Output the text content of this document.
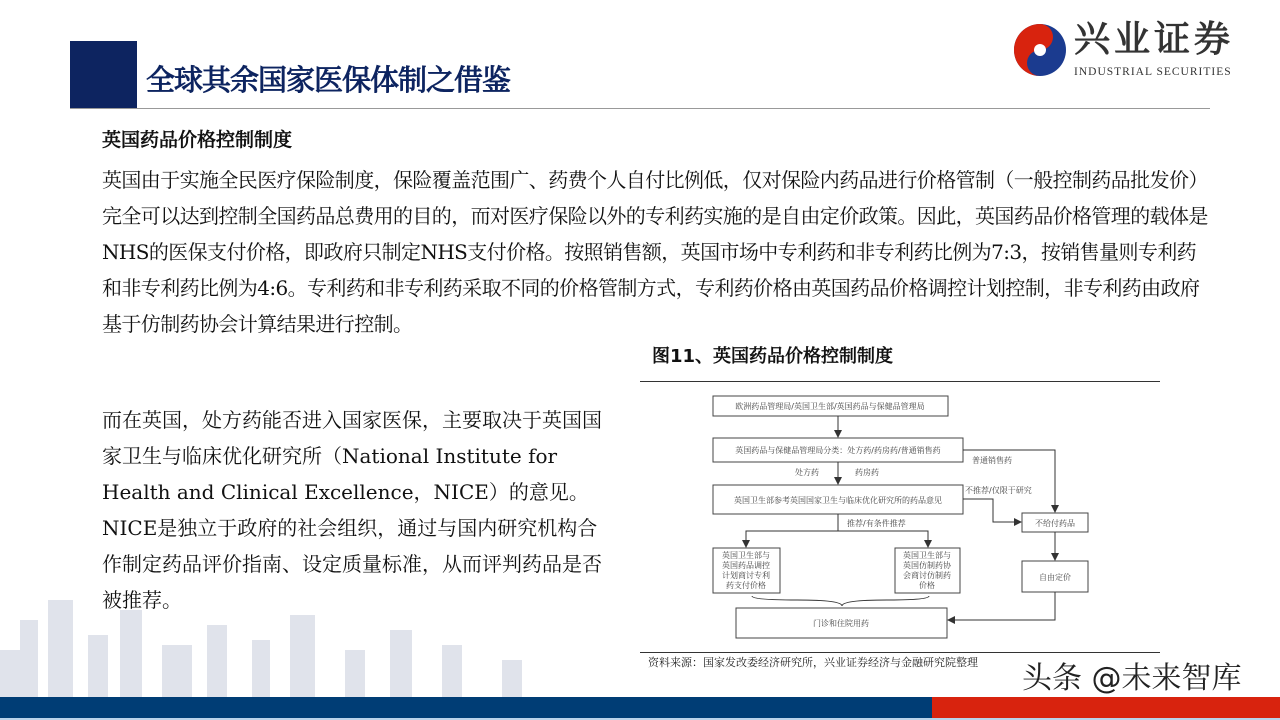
全球其余国家医保体制之借鉴
兴业证券
INDUSTRIAL SECURITIES
英国药品价格控制制度
英国由于实施全民医疗保险制度，保险覆盖范围广、药费个人自付比例低，仅对保险内药品进行价格管制（一般控制药品批发价）完全可以达到控制全国药品总费用的目的，而对医疗保险以外的专利药实施的是自由定价政策。因此，英国药品价格管理的载体是NHS的医保支付价格，即政府只制定NHS支付价格。按照销售额，英国市场中专利药和非专利药比例为7:3，按销售量则专利药和非专利药比例为4:6。专利药和非专利药采取不同的价格管制方式，专利药价格由英国药品价格调控计划控制，非专利药由政府基于仿制药协会计算结果进行控制。
而在英国，处方药能否进入国家医保，主要取决于英国国家卫生与临床优化研究所（National Institute for Health and Clinical Excellence，NICE）的意见。NICE是独立于政府的社会组织，通过与国内研究机构合作制定药品评价指南、设定质量标准，从而评判药品是否被推荐。
图11、英国药品价格控制制度
欧洲药品管理局/英国卫生部/英国药品与保健品管理局
英国药品与保健品管理局分类：处方药/药房药/普通销售药
英国卫生部参考英国国家卫生与临床优化研究所的药品意见
英国卫生部与
英国药品调控
计划商讨专利
药支付价格
英国卫生部与
英国仿制药协
会商讨仿制药
价格
不给付药品
自由定价
门诊和住院用药
处方药	药房药
普通销售药
不推荐/仅限于研究
推荐/有条件推荐
资料来源：国家发改委经济研究所，兴业证券经济与金融研究院整理 头条 @未来智库
